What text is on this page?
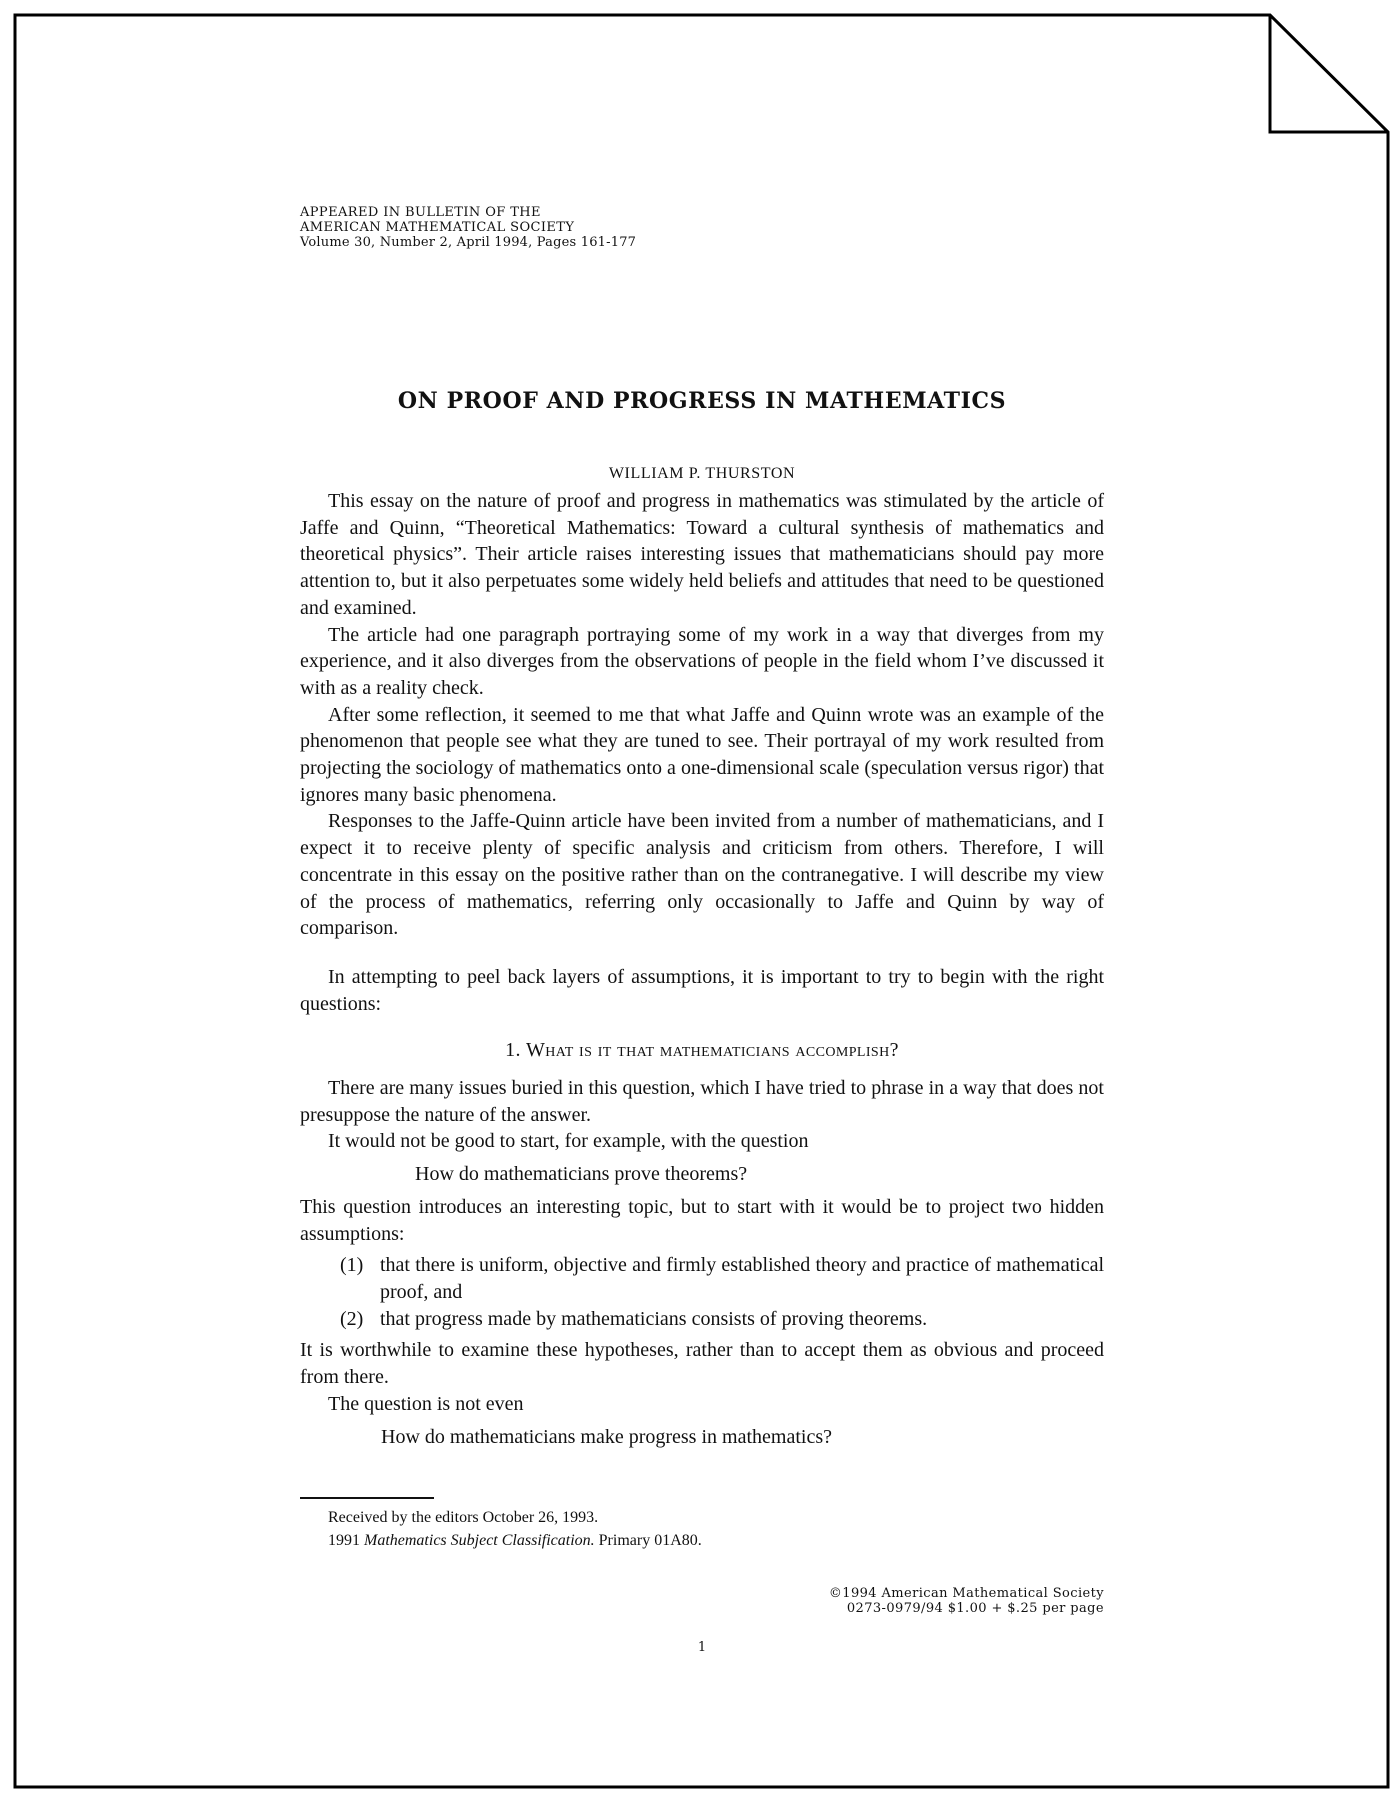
APPEARED IN BULLETIN OF THE
AMERICAN MATHEMATICAL SOCIETY
Volume 30, Number 2, April 1994, Pages 161-177
ON PROOF AND PROGRESS IN MATHEMATICS
WILLIAM P. THURSTON

This essay on the nature of proof and progress in mathematics was stimulated by the article of Jaffe and Quinn, “Theoretical Mathematics: Toward a cultural synthesis of mathematics and theoretical physics”. Their article raises interesting issues that mathematicians should pay more attention to, but it also perpetuates some widely held beliefs and attitudes that need to be questioned and examined.

The article had one paragraph portraying some of my work in a way that diverges from my experience, and it also diverges from the observations of people in the field whom I’ve discussed it with as a reality check.

After some reflection, it seemed to me that what Jaffe and Quinn wrote was an example of the phenomenon that people see what they are tuned to see. Their portrayal of my work resulted from projecting the sociology of mathematics onto a one-dimensional scale (speculation versus rigor) that ignores many basic phenomena.

Responses to the Jaffe-Quinn article have been invited from a number of mathematicians, and I expect it to receive plenty of specific analysis and criticism from others. Therefore, I will concentrate in this essay on the positive rather than on the contranegative. I will describe my view of the process of mathematics, referring only occasionally to Jaffe and Quinn by way of comparison.

In attempting to peel back layers of assumptions, it is important to try to begin with the right questions:

1. What is it that mathematicians accomplish?

There are many issues buried in this question, which I have tried to phrase in a way that does not presuppose the nature of the answer.

It would not be good to start, for example, with the question

How do mathematicians prove theorems?

This question introduces an interesting topic, but to start with it would be to project two hidden assumptions:

(1) that there is uniform, objective and firmly established theory and practice of mathematical proof, and
(2) that progress made by mathematicians consists of proving theorems.

It is worthwhile to examine these hypotheses, rather than to accept them as obvious and proceed from there.

The question is not even

How do mathematicians make progress in mathematics?

Received by the editors October 26, 1993.
1991 Mathematics Subject Classification. Primary 01A80.
©1994 American Mathematical Society
0273-0979/94 $1.00 + $.25 per page
1
